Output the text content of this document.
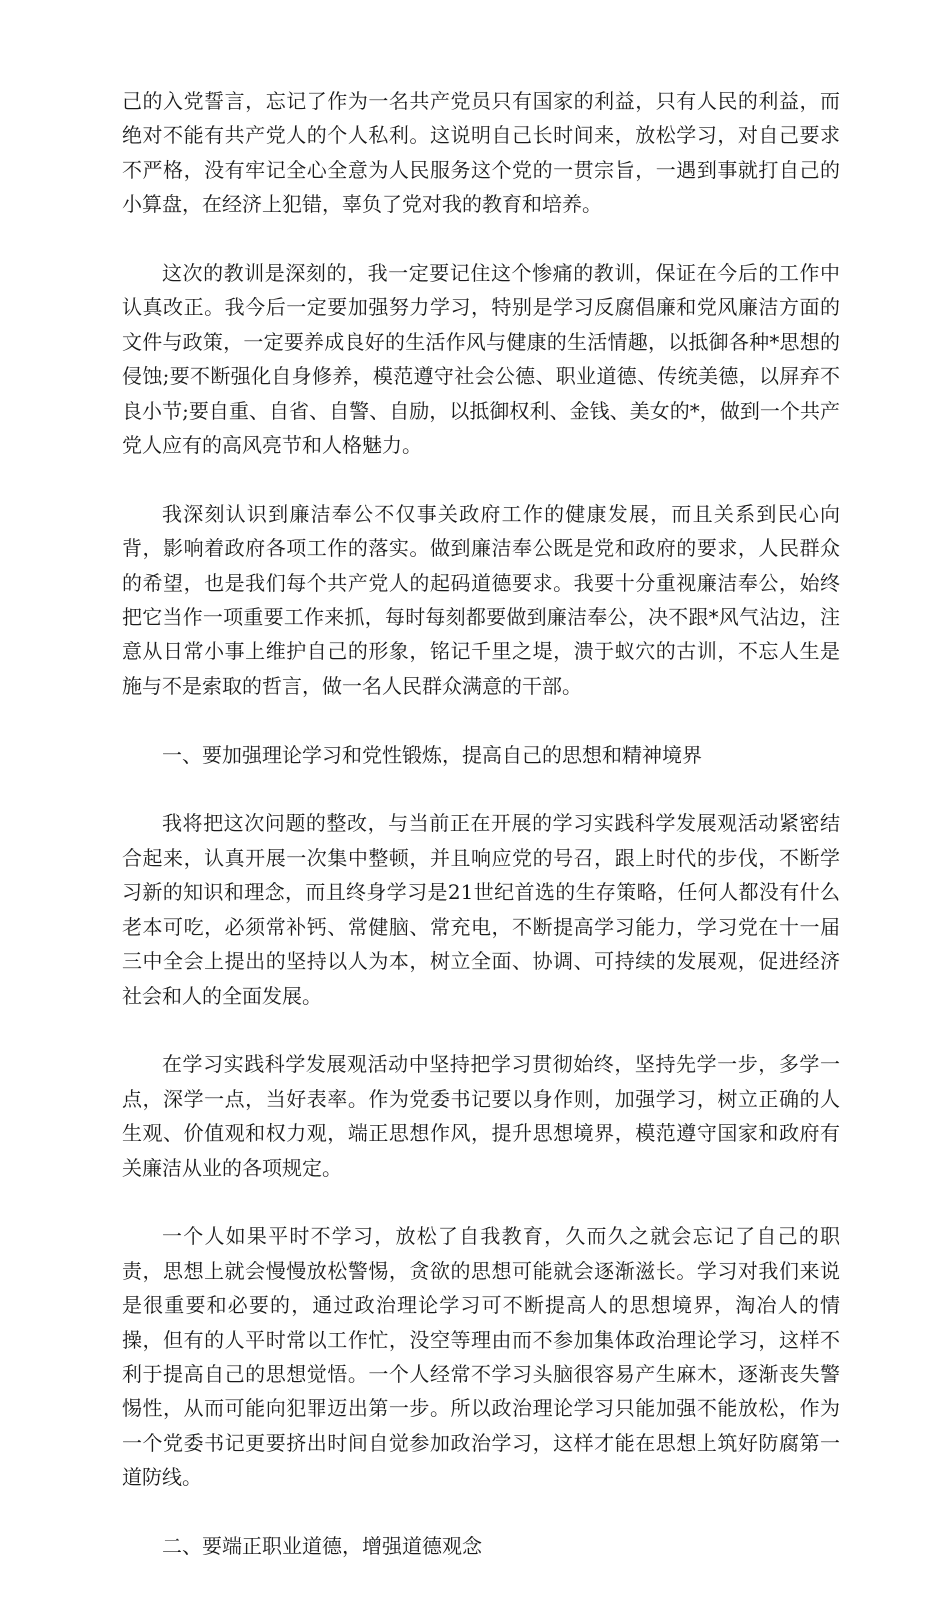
己的入党誓言，忘记了作为一名共产党员只有国家的利益，只有人民的利益，而绝对不能有共产党人的个人私利。这说明自己长时间来，放松学习，对自己要求不严格，没有牢记全心全意为人民服务这个党的一贯宗旨，一遇到事就打自己的小算盘，在经济上犯错，辜负了党对我的教育和培养。

这次的教训是深刻的，我一定要记住这个惨痛的教训，保证在今后的工作中认真改正。我今后一定要加强努力学习，特别是学习反腐倡廉和党风廉洁方面的文件与政策，一定要养成良好的生活作风与健康的生活情趣，以抵御各种*思想的侵蚀;要不断强化自身修养，模范遵守社会公德、职业道德、传统美德，以屏弃不良小节;要自重、自省、自警、自励，以抵御权利、金钱、美女的*，做到一个共产党人应有的高风亮节和人格魅力。

我深刻认识到廉洁奉公不仅事关政府工作的健康发展，而且关系到民心向背，影响着政府各项工作的落实。做到廉洁奉公既是党和政府的要求，人民群众的希望，也是我们每个共产党人的起码道德要求。我要十分重视廉洁奉公，始终把它当作一项重要工作来抓，每时每刻都要做到廉洁奉公，决不跟*风气沾边，注意从日常小事上维护自己的形象，铭记千里之堤，溃于蚁穴的古训，不忘人生是施与不是索取的哲言，做一名人民群众满意的干部。

一、要加强理论学习和党性锻炼，提高自己的思想和精神境界

我将把这次问题的整改，与当前正在开展的学习实践科学发展观活动紧密结合起来，认真开展一次集中整顿，并且响应党的号召，跟上时代的步伐，不断学习新的知识和理念，而且终身学习是21世纪首选的生存策略，任何人都没有什么老本可吃，必须常补钙、常健脑、常充电，不断提高学习能力，学习党在十一届三中全会上提出的坚持以人为本，树立全面、协调、可持续的发展观，促进经济社会和人的全面发展。

在学习实践科学发展观活动中坚持把学习贯彻始终，坚持先学一步，多学一点，深学一点，当好表率。作为党委书记要以身作则，加强学习，树立正确的人生观、价值观和权力观，端正思想作风，提升思想境界，模范遵守国家和政府有关廉洁从业的各项规定。

一个人如果平时不学习，放松了自我教育，久而久之就会忘记了自己的职责，思想上就会慢慢放松警惕，贪欲的思想可能就会逐渐滋长。学习对我们来说是很重要和必要的，通过政治理论学习可不断提高人的思想境界，淘冶人的情操，但有的人平时常以工作忙，没空等理由而不参加集体政治理论学习，这样不利于提高自己的思想觉悟。一个人经常不学习头脑很容易产生麻木，逐渐丧失警惕性，从而可能向犯罪迈出第一步。所以政治理论学习只能加强不能放松，作为一个党委书记更要挤出时间自觉参加政治学习，这样才能在思想上筑好防腐第一道防线。

二、要端正职业道德，增强道德观念
